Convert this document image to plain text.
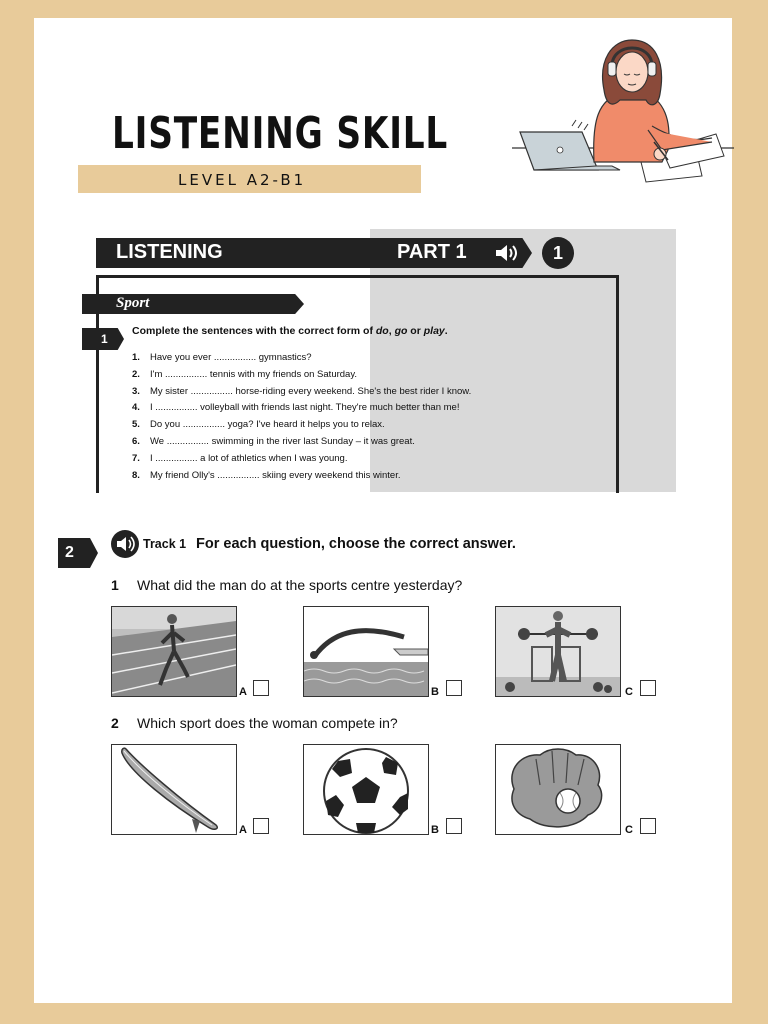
LISTENING SKILL
LEVEL A2-B1
LISTENING	PART 1	1
Sport
1
Complete the sentences with the correct form of do, go or play.
1. Have you ever ................ gymnastics?
2. I'm ................ tennis with my friends on Saturday.
3. My sister ................ horse-riding every weekend. She's the best rider I know.
4. I ................ volleyball with friends last night. They're much better than me!
5. Do you ................ yoga? I've heard it helps you to relax.
6. We ................ swimming in the river last Sunday – it was great.
7. I ................ a lot of athletics when I was young.
8. My friend Olly's ................ skiing every weekend this winter.
2	Track 1 For each question, choose the correct answer.
1 What did the man do at the sports centre yesterday?
A	B	C
2 Which sport does the woman compete in?
A	B	C
